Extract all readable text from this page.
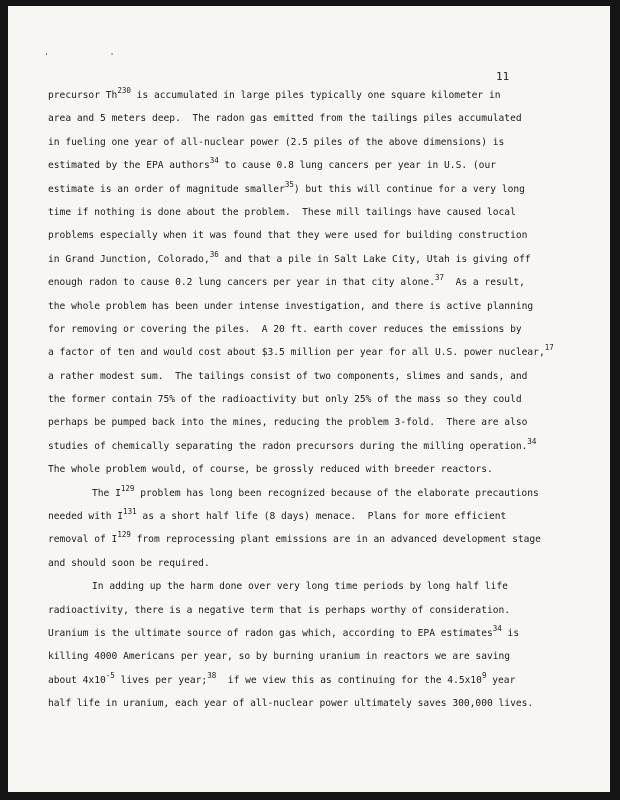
' '
11
precursor Th$^{230}$ is accumulated in large piles typically one square kilometer in
area and 5 meters deep.  The radon gas emitted from the tailings piles accumulated
in fueling one year of all-nuclear power (2.5 piles of the above dimensions) is
estimated by the EPA authors$^{34}$ to cause 0.8 lung cancers per year in U.S. (our
estimate is an order of magnitude smaller$^{35}$) but this will continue for a very long
time if nothing is done about the problem.  These mill tailings have caused local
problems especially when it was found that they were used for building construction
in Grand Junction, Colorado,$^{36}$ and that a pile in Salt Lake City, Utah is giving off
enough radon to cause 0.2 lung cancers per year in that city alone.$^{37}$  As a result,
the whole problem has been under intense investigation, and there is active planning
for removing or covering the piles.  A 20 ft. earth cover reduces the emissions by
a factor of ten and would cost about $3.5 million per year for all U.S. power nuclear,$^{17}$
a rather modest sum.  The tailings consist of two components, slimes and sands, and
the former contain 75% of the radioactivity but only 25% of the mass so they could
perhaps be pumped back into the mines, reducing the problem 3-fold.  There are also
studies of chemically separating the radon precursors during the milling operation.$^{34}$
The whole problem would, of course, be grossly reduced with breeder reactors.
The $I^{129}$ problem has long been recognized because of the elaborate precautions
needed with $I^{131}$ as a short half life (8 days) menace.  Plans for more efficient
removal of $I^{129}$ from reprocessing plant emissions are in an advanced development stage
and should soon be required.
In adding up the harm done over very long time periods by long half life
radioactivity, there is a negative term that is perhaps worthy of consideration.
Uranium is the ultimate source of radon gas which, according to EPA estimates$^{34}$ is
killing 4000 Americans per year, so by burning uranium in reactors we are saving
about $4x10^{-5}$ lives per year;$^{38}$  if we view this as continuing for the $4.5x10^9$ year
half life in uranium, each year of all-nuclear power ultimately saves 300,000 lives.
